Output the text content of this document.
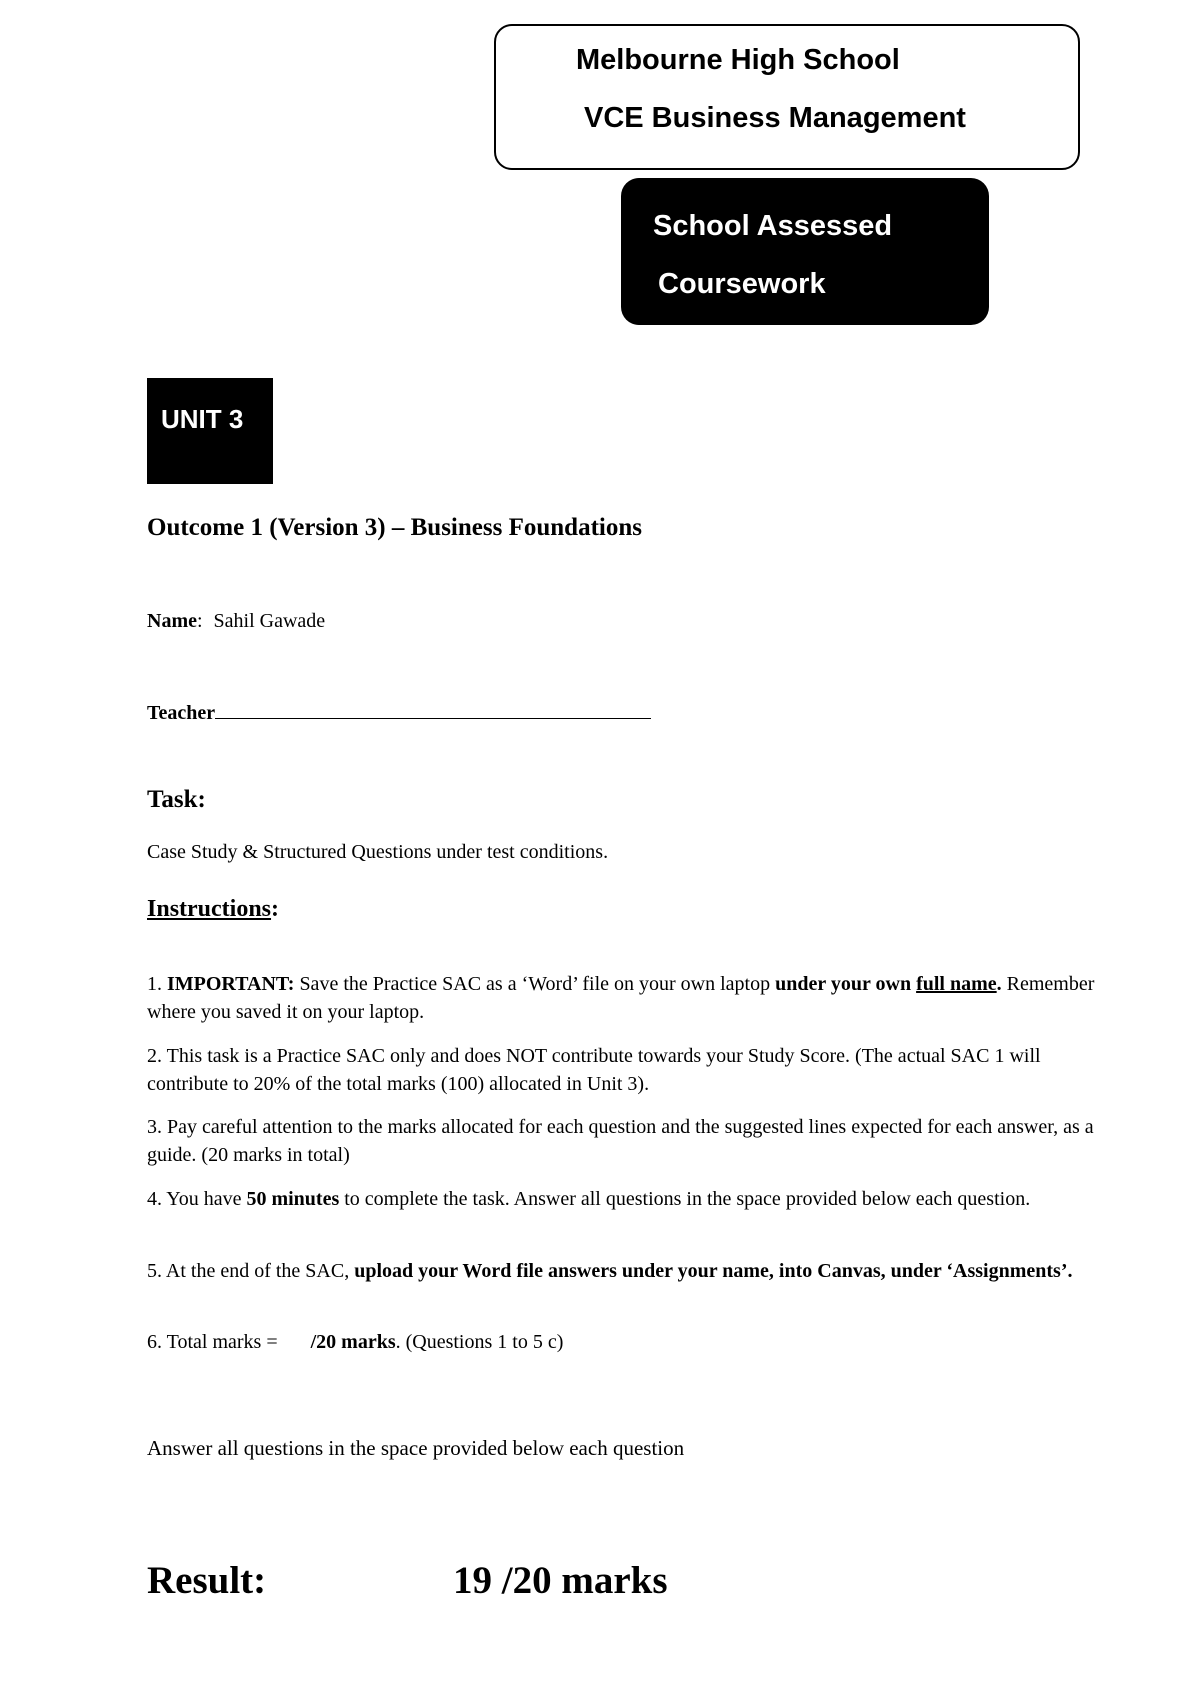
Melbourne High School
VCE Business Management
School Assessed
Coursework
UNIT 3
Outcome 1 (Version 3) – Business Foundations
Name: Sahil Gawade
Teacher
Task:
Case Study & Structured Questions under test conditions.
Instructions:
1. IMPORTANT: Save the Practice SAC as a ‘Word’ file on your own laptop under your own full name. Remember where you saved it on your laptop.
2. This task is a Practice SAC only and does NOT contribute towards your Study Score. (The actual SAC 1 will contribute to 20% of the total marks (100) allocated in Unit 3).
3. Pay careful attention to the marks allocated for each question and the suggested lines expected for each answer, as a guide. (20 marks in total)
4. You have 50 minutes to complete the task. Answer all questions in the space provided below each question.
5. At the end of the SAC, upload your Word file answers under your name, into Canvas, under ‘Assignments’.
6. Total marks = /20 marks. (Questions 1 to 5 c)
Answer all questions in the space provided below each question
Result:	19 /20 marks
